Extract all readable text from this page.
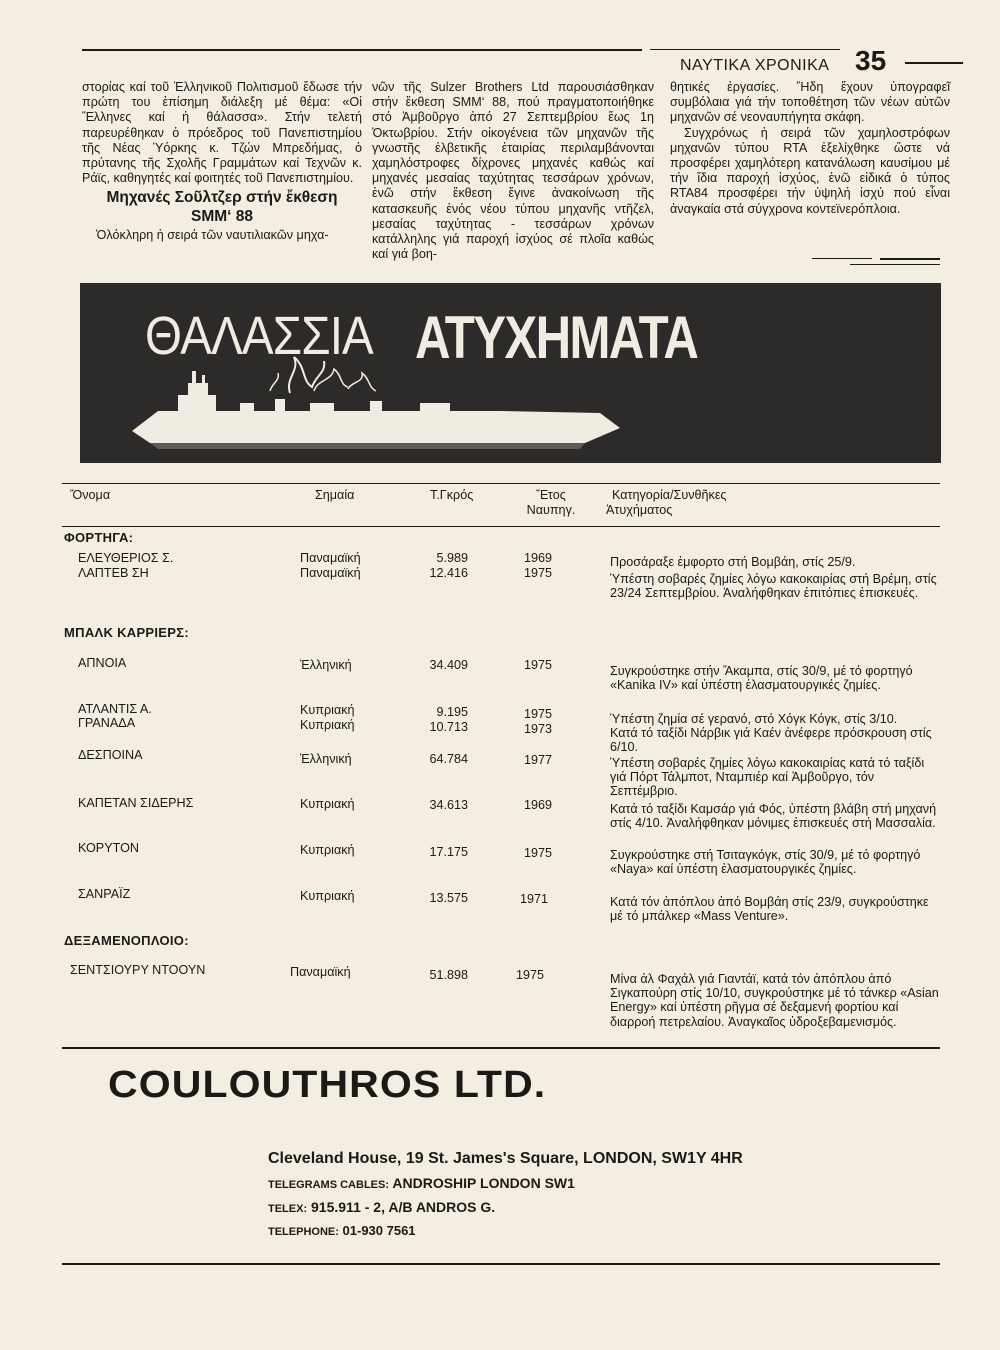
ΝΑΥΤΙΚΑ ΧΡΟΝΙΚΑ 35

στορίας καί τοῦ Ἑλληνικοῦ Πολιτισμοῦ ἔδωσε τήν πρώτη του ἐπίσημη διάλεξη μέ θέμα: «Οἱ Ἕλληνες καί ἡ θάλασσα». Στήν τελετή παρευρέθηκαν ὁ πρόεδρος τοῦ Πανεπιστημίου τῆς Νέας Ὑόρκης κ. Τζών Μπρεδήμας, ὁ πρύτανης τῆς Σχολῆς Γραμμάτων καί Τεχνῶν κ. Ράϊς, καθηγητές καί φοιτητές τοῦ Πανεπιστημίου.

Μηχανές Σοῦλτζερ στήν ἔκθεση
SMM‘ 88

Ὁλόκληρη ἡ σειρά τῶν ναυτιλιακῶν μηχα-

νῶν τῆς Sulzer Brothers Ltd παρουσιάσθηκαν στήν ἔκθεση SMM‘ 88, πού πραγματοποιήθηκε στό Ἀμβοῦργο ἀπό 27 Σεπτεμβρίου ἕως 1η Ὀκτωβρίου. Στήν οἰκογένεια τῶν μηχανῶν τῆς γνωστῆς ἐλβετικῆς ἑταιρίας περιλαμβάνονται χαμηλόστροφες δίχρονες μηχανές καθώς καί μηχανές μεσαίας ταχύτητας τεσσάρων χρόνων, ἐνῶ στήν ἔκθεση ἔγινε ἀνακοίνωση τῆς κατασκευῆς ἑνός νέου τύπου μηχανῆς ντῆζελ, μεσαίας ταχύτητας - τεσσάρων χρόνων κατάλληλης γιά παροχή ἰσχύος σέ πλοῖα καθώς καί γιά βοη-

θητικές ἐργασίες. Ἤδη ἔχουν ὑπογραφεῖ συμβόλαια γιά τήν τοποθέτηση τῶν νέων αὐτῶν μηχανῶν σέ νεοναυπήγητα σκάφη.

Συγχρόνως ἡ σειρά τῶν χαμηλοστρόφων μηχανῶν τύπου RTA ἐξελίχθηκε ὥστε νά προσφέρει χαμηλότερη κατανάλωση καυσίμου μέ τήν ἴδια παροχή ἰσχύος, ἐνῶ εἰδικά ὁ τύπος RTA84 προσφέρει τήν ὑψηλή ἰσχύ πού εἶναι ἀναγκαία στά σύγχρονα κοντεϊνερόπλοια.

ΘΑΛΑΣΣΙΑ ΑΤΥΧΗΜΑΤΑ
Ὄνομα	Σημαία	Τ.Γκρός	Ἔτος
Ναυπηγ.
Κατηγορία/Συνθῆκες
Ἀτυχήματος
ΦΟΡΤΗΓΑ:
ΕΛΕΥΘΕΡΙΟΣ Σ.	Παναμαϊκή	5.989	1969	Προσάραξε ἐμφορτο στή Βομβάη, στίς 25/9.
ΛΑΠΤΕΒ ΣΗ	Παναμαϊκή	12.416	1975	Ὑπέστη σοβαρές ζημίες λόγω κακοκαιρίας στή Βρέμη, στίς 23/24 Σεπτεμβρίου. Ἀναλήφθηκαν ἐπιτόπιες ἐπισκευές.
ΜΠΑΛΚ ΚΑΡΡΙΕΡΣ:
ΑΠΝΟΙΑ	Ἑλληνική	34.409	1975	Συγκρούστηκε στήν Ἄκαμπα, στίς 30/9, μέ τό φορτηγό «Kanika IV» καί ὑπέστη ἐλασματουργικές ζημίες.
ΑΤΛΑΝΤΙΣ Α.	Κυπριακή	9.195	1975	Ὑπέστη ζημία σέ γερανό, στό Χόγκ Κόγκ, στίς 3/10.
ΓΡΑΝΑΔΑ	Κυπριακή	10.713	1973	Κατά τό ταξίδι Νάρβικ γιά Καέν ἀνέφερε πρόσκρουση στίς 6/10.
ΔΕΣΠΟΙΝΑ	Ἑλληνική	64.784	1977	Ὑπέστη σοβαρές ζημίες λόγω κακοκαιρίας κατά τό ταξίδι γιά Πόρτ Τάλμποτ, Νταμπιέρ καί Ἀμβοῦργο, τόν Σεπτέμβριο.
ΚΑΠΕΤΑΝ ΣΙΔΕΡΗΣ	Κυπριακή	34.613	1969	Κατά τό ταξίδι Καμσάρ γιά Φός, ὑπέστη βλάβη στή μηχανή στίς 4/10. Ἀναλήφθηκαν μόνιμες ἐπισκευές στή Μασσαλία.
ΚΟΡΥΤΟΝ	Κυπριακή	17.175	1975	Συγκρούστηκε στή Τσιταγκόγκ, στίς 30/9, μέ τό φορτηγό «Naya» καί ὑπέστη ἐλασματουργικές ζημίες.
ΣΑΝΡΑΪΖ	Κυπριακή	13.575	1971	Κατά τόν ἀπόπλου ἀπό Βομβάη στίς 23/9, συγκρούστηκε μέ τό μπάλκερ «Mass Venture».
ΔΕΞΑΜΕΝΟΠΛΟΙΟ:
ΣΕΝΤΣΙΟΥΡΥ ΝΤΟΟΥΝ	Παναμαϊκή	51.898	1975	Μίνα ἀλ Φαχάλ γιά Γιαντάϊ, κατά τόν ἀπόπλου ἀπό Σιγκαπούρη στίς 10/10, συγκρούστηκε μέ τό τάνκερ «Asian Energy» καί ὑπέστη ρῆγμα σέ δεξαμενή φορτίου καί διαρροή πετρελαίου. Ἀναγκαῖος ὑδροξεβαμενισμός.
COULOUTHROS LTD.
Cleveland House, 19 St. James's Square, LONDON, SW1Y 4HR
TELEGRAMS CABLES: ANDROSHIP LONDON SW1
TELEX: 915.911 - 2, A/B ANDROS G.
TELEPHONE: 01-930 7561
